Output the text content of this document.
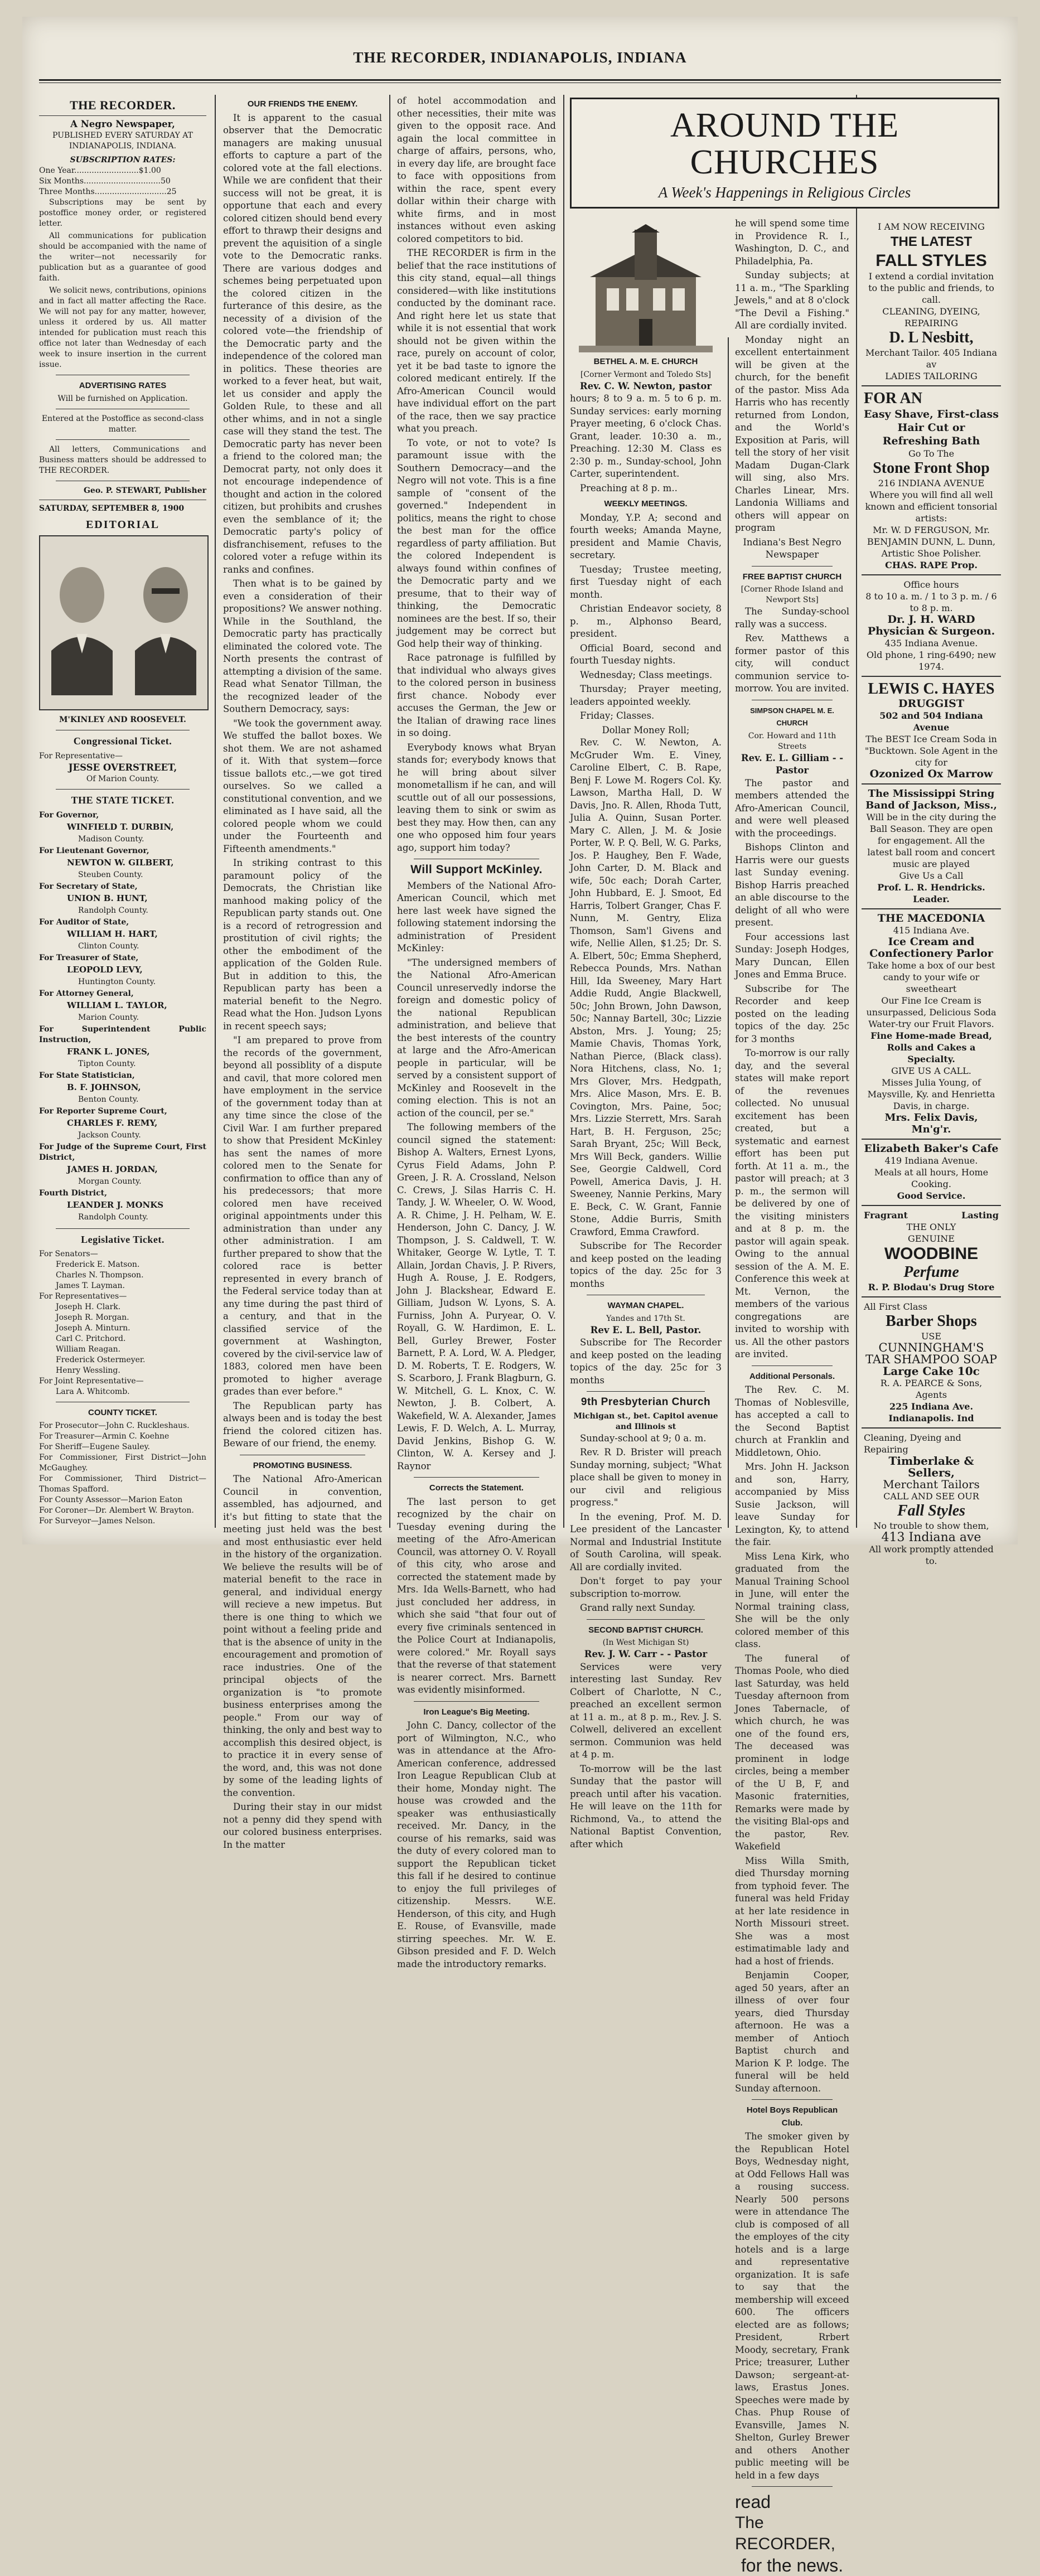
THE RECORDER, INDIANAPOLIS, INDIANA
THE RECORDER.
A Negro Newspaper,
PUBLISHED EVERY SATURDAY AT INDIANAPOLIS, INDIANA.
SUBSCRIPTION RATES:
One Year..........................$1.00
Six Months...............................50
Three Months.............................25

Subscriptions may be sent by postoffice money order, or registered letter.

All communications for publication should be accompanied with the name of the writer—not necessarily for publication but as a guarantee of good faith.

We solicit news, contributions, opinions and in fact all matter affecting the Race. We will not pay for any matter, however, unless it ordered by us. All matter intended for publication must reach this office not later than Wednesday of each week to insure insertion in the current issue.

ADVERTISING RATES
Will be furnished on Application.
Entered at the Postoffice as second-class matter.

All letters, Communications and Business matters should be addressed to THE RECORDER.

Geo. P. STEWART, Publisher
SATURDAY, SEPTEMBER 8, 1900
EDITORIAL
M'KINLEY AND ROOSEVELT.
Congressional Ticket.
For Representative—
JESSE OVERSTREET,
Of Marion County.
THE STATE TICKET.
For Governor,
WINFIELD T. DURBIN,
Madison County.
For Lieutenant Governor,
NEWTON W. GILBERT,
Steuben County.
For Secretary of State,
UNION B. HUNT,
Randolph County.
For Auditor of State,
WILLIAM H. HART,
Clinton County.
For Treasurer of State,
LEOPOLD LEVY,
Huntington County.
For Attorney General,
WILLIAM L. TAYLOR,
Marion County.
For Superintendent Public Instruction,
FRANK L. JONES,
Tipton County.
For State Statistician,
B. F. JOHNSON,
Benton County.
For Reporter Supreme Court,
CHARLES F. REMY,
Jackson County.
For Judge of the Supreme Court, First District,
JAMES H. JORDAN,
Morgan County.
Fourth District,
LEANDER J. MONKS
Randolph County.
Legislative Ticket.
For Senators—
Frederick E. Matson.
Charles N. Thompson.
James T. Layman.
For Representatives—
Joseph H. Clark.
Joseph R. Morgan.
Joseph A. Minturn.
Carl C. Pritchord.
William Reagan.
Frederick Ostermeyer.
Henry Wessling.
For Joint Representative—
Lara A. Whitcomb.
COUNTY TICKET.
For Prosecutor—John C. Ruckleshaus.
For Treasurer—Armin C. Koehne
For Sheriff—Eugene Sauley.
For Commissioner, First District—John McGaughey.
For Commissioner, Third District—Thomas Spafford.
For County Assessor—Marion Eaton
For Coroner—Dr. Alembert W. Brayton.
For Surveyor—James Nelson.
OUR FRIENDS THE ENEMY.

It is apparent to the casual observer that the Democratic managers are making unusual efforts to capture a part of the colored vote at the fall elections. While we are confident that their success will not be great, it is opportune that each and every colored citizen should bend every effort to thrawp their designs and prevent the aquisition of a single vote to the Democratic ranks. There are various dodges and schemes being perpetuated upon the colored citizen in the furterance of this desire, as the necessity of a division of the colored vote—the friendship of the Democratic party and the independence of the colored man in politics. These theories are worked to a fever heat, but wait, let us consider and apply the Golden Rule, to these and all other whims, and in not a single case will they stand the test. The Democratic party has never been a friend to the colored man; the Democrat party, not only does it not encourage independence of thought and action in the colored citizen, but prohibits and crushes even the semblance of it; the Democratic party's policy of disfranchisement, refuses to the colored voter a refuge within its ranks and confines.

Then what is to be gained by even a consideration of their propositions? We answer nothing. While in the Southland, the Democratic party has practically eliminated the colored vote. The North presents the contrast of attempting a division of the same. Read what Senator Tillman, the the recognized leader of the Southern Democracy, says:

"We took the government away. We stuffed the ballot boxes. We shot them. We are not ashamed of it. With that system—force tissue ballots etc.,—we got tired ourselves. So we called a constitutional convention, and we eliminated as I have said, all the colored people whom we could under the Fourteenth and Fifteenth amendments."

In striking contrast to this paramount policy of the Democrats, the Christian like manhood making policy of the Republican party stands out. One is a record of retrogression and prostitution of civil rights; the other the embodiment of the application of the Golden Rule. But in addition to this, the Republican party has been a material benefit to the Negro. Read what the Hon. Judson Lyons in recent speech says;

"I am prepared to prove from the records of the government, beyond all possiblity of a dispute and cavil, that more colored men have employment in the service of the government today than at any time since the close of the Civil War. I am further prepared to show that President McKinley has sent the names of more colored men to the Senate for confirmation to office than any of his predecessors; that more colored men have received original appointments under this administration than under any other administration. I am further prepared to show that the colored race is better represented in every branch of the Federal service today than at any time during the past third of a century, and that in the classified service of the government at Washington, covered by the civil-service law of 1883, colored men have been promoted to higher average grades than ever before."

The Republican party has always been and is today the best friend the colored citizen has. Beware of our friend, the enemy.

PROMOTING BUSINESS.

The National Afro-American Council in convention, assembled, has adjourned, and it's but fitting to state that the meeting just held was the best and most enthusiastic ever held in the history of the organization. We believe the results will be of material benefit to the race in general, and individual energy will recieve a new impetus. But there is one thing to which we point without a feeling pride and that is the absence of unity in the encouragement and promotion of race industries. One of the principal objects of the organization is "to promote business enterprises among the people." From our way of thinking, the only and best way to accomplish this desired object, is to practice it in every sense of the word, and, this was not done by some of the leading lights of the convention.

During their stay in our midst not a penny did they spend with our colored business enterprises. In the matter

of hotel accommodation and other necessities, their mite was given to the opposit race. And again the local committee in charge of affairs, persons, who, in every day life, are brought face to face with oppositions from within the race, spent every dollar within their charge with white firms, and in most instances without even asking colored competitors to bid.

THE RECORDER is firm in the belief that the race institutions of this city stand, equal—all things considered—with like institutions conducted by the dominant race. And right here let us state that while it is not essential that work should not be given within the race, purely on account of color, yet it be bad taste to ignore the colored medicant entirely. If the Afro-American Council would have individual effort on the part of the race, then we say practice what you preach.

To vote, or not to vote? Is paramount issue with the Southern Democracy—and the Negro will not vote. This is a fine sample of "consent of the governed." Independent in politics, means the right to chose the best man for the office regardless of party affiliation. But the colored Independent is always found within confines of the Democratic party and we presume, that to their way of thinking, the Democratic nominees are the best. If so, their judgement may be correct but God help their way of thinking.

Race patronage is fulfilled by that individual who always gives to the colored person in business first chance. Nobody ever accuses the German, the Jew or the Italian of drawing race lines in so doing.

Everybody knows what Bryan stands for; everybody knows that he will bring about silver monometallism if he can, and will scuttle out of all our possessions, leaving them to sink or swim as best they may. How then, can any one who opposed him four years ago, support him today?

Will Support McKinley.

Members of the National Afro-American Council, which met here last week have signed the following statement indorsing the administration of President McKinley:

"The undersigned members of the National Afro-American Council unreservedly indorse the foreign and domestic policy of the national Republican administration, and believe that the best interests of the country at large and the Afro-American people in particular, will be served by a consistent support of McKinley and Roosevelt in the coming election. This is not an action of the council, per se."

The following members of the council signed the statement: Bishop A. Walters, Ernest Lyons, Cyrus Field Adams, John P. Green, J. R. A. Crossland, Nelson C. Crews, J. Silas Harris C. H. Tandy, J. W. Wheeler, O. W. Wood, A. R. Chime, J. H. Pelham, W. E. Henderson, John C. Dancy, J. W. Thompson, J. S. Caldwell, T. W. Whitaker, George W. Lytle, T. T. Allain, Jordan Chavis, J. P. Rivers, Hugh A. Rouse, J. E. Rodgers, John J. Blackshear, Edward E. Gilliam, Judson W. Lyons, S. A. Furniss, John A. Puryear, O. V. Royall, G. W. Hardimon, E. L. Bell, Gurley Brewer, Foster Barnett, P. A. Lord, W. A. Pledger, D. M. Roberts, T. E. Rodgers, W. S. Scarboro, J. Frank Blagburn, G. W. Mitchell, G. L. Knox, C. W. Newton, J. B. Colbert, A. Wakefield, W. A. Alexander, James Lewis, F. D. Welch, A. L. Murray, David Jenkins, Bishop G. W. Clinton, W. A. Kersey and J. Raynor

Corrects the Statement.

The last person to get recognized by the chair on Tuesday evening during the meeting of the Afro-American Council, was attorney O. V. Royall of this city, who arose and corrected the statement made by Mrs. Ida Wells-Barnett, who had just concluded her address, in which she said "that four out of every five criminals sentenced in the Police Court at Indianapolis, were colored." Mr. Royall says that the reverse of that statement is nearer correct. Mrs. Barnett was evidently misinformed.

Iron League's Big Meeting.

John C. Dancy, collector of the port of Wilmington, N.C., who was in attendance at the Afro-American conference, addressed Iron League Republican Club at their home, Monday night. The house was crowded and the speaker was enthusiastically received. Mr. Dancy, in the course of his remarks, said was the duty of every colored man to support the Republican ticket this fall if he desired to continue to enjoy the full privileges of citizenship. Messrs. W.E. Henderson, of this city, and Hugh E. Rouse, of Evansville, made stirring speeches. Mr. W. E. Gibson presided and F. D. Welch made the introductory remarks.

AROUND THE CHURCHES
A Week's Happenings in Religious Circles
BETHEL A. M. E. CHURCH
[Corner Vermont and Toledo Sts]
Rev. C. W. Newton, pastor

hours; 8 to 9 a. m. 5 to 6 p. m. Sunday services: early morning Prayer meeting, 6 o'clock Chas. Grant, leader. 10:30 a. m., Preaching. 12:30 M. Class es 2:30 p. m., Sunday-school, John Carter, superintendent.

Preaching at 8 p. m..

WEEKLY MEETINGS.

Monday, Y.P. A; second and fourth weeks; Amanda Mayne, president and Mamie Chavis, secretary.

Tuesday; Trustee meeting, first Tuesday night of each month.

Christian Endeavor society, 8 p. m., Alphonso Beard, president.

Official Board, second and fourth Tuesday nights.

Wednesday; Class meetings.

Thursday; Prayer meeting, leaders appointed weekly.

Friday; Classes.

Dollar Money Roll;

Rev. C. W. Newton, A. McGruder Wm. E. Viney, Caroline Elbert, C. B. Rape, Benj F. Lowe M. Rogers Col. Ky. Lawson, Martha Hall, D. W Davis, Jno. R. Allen, Rhoda Tutt, Julia A. Quinn, Susan Porter. Mary C. Allen, J. M. & Josie Porter, W. P. Q. Bell, W. G. Parks, Jos. P. Haughey, Ben F. Wade, John Carter, D. M. Black and wife, 50c each; Dorah Carter, John Hubbard, E. J. Smoot, Ed Harris, Tolbert Granger, Chas F. Nunn, M. Gentry, Eliza Thomson, Sam'l Givens and wife, Nellie Allen, $1.25; Dr. S. A. Elbert, 50c; Emma Shepherd, Rebecca Pounds, Mrs. Nathan Hill, Ida Sweeney, Mary Hart Addie Rudd, Angie Blackwell, 50c; John Brown, John Dawson, 50c; Nannay Bartell, 30c; Lizzie Abston, Mrs. J. Young; 25; Mamie Chavis, Thomas York, Nathan Pierce, (Black class). Nora Hitchens, class, No. 1; Mrs Glover, Mrs. Hedgpath, Mrs. Alice Mason, Mrs. E. B. Covington, Mrs. Paine, 5oc; Mrs. Lizzie Sterrett, Mrs. Sarah Hart, B. H. Ferguson, 25c; Sarah Bryant, 25c; Will Beck, Mrs Will Beck, ganders. Willie See, Georgie Caldwell, Cord Powell, America Davis, J. H. Sweeney, Nannie Perkins, Mary E. Beck, C. W. Grant, Fannie Stone, Addie Burris, Smith Crawford, Emma Crawford.

Subscribe for The Recorder and keep posted on the leading topics of the day. 25c for 3 months

WAYMAN CHAPEL.
Yandes and 17th St.
Rev E. L. Bell, Pastor.

Subscribe for The Recorder and keep posted on the leading topics of the day. 25c for 3 months

9th Presbyterian Church
Michigan st., bet. Capitol avenue and Illinois st

Sunday-school at 9; 0 a. m.

Rev. R D. Brister will preach Sunday morning, subject; "What place shall be given to money in our civil and religious progress."

In the evening, Prof. M. D. Lee president of the Lancaster Normal and Industrial Institute of South Carolina, will speak. All are cordially invited.

Don't forget to pay your subscription to-morrow.

Grand rally next Sunday.

SECOND BAPTIST CHURCH.
(In West Michigan St)
Rev. J. W. Carr - - Pastor

Services were very interesting last Sunday. Rev Colbert of Charlotte, N C., preached an excellent sermon at 11 a. m., at 8 p. m., Rev. J. S. Colwell, delivered an excellent sermon. Communion was held at 4 p. m.

To-morrow will be the last Sunday that the pastor will preach until after his vacation. He will leave on the 11th for Richmond, Va., to attend the National Baptist Convention, after which

he will spend some time in Providence R. I., Washington, D. C., and Philadelphia, Pa.

Sunday subjects; at 11 a. m., "The Sparkling Jewels," and at 8 o'clock "The Devil a Fishing." All are cordially invited.

Monday night an excellent entertainment will be given at the church, for the benefit of the pastor. Miss Ada Harris who has recently returned from London, and the World's Exposition at Paris, will tell the story of her visit Madam Dugan-Clark will sing, also Mrs. Charles Linear, Mrs. Landonia Williams and others will appear on program

Indiana's Best Negro Newspaper

FREE BAPTIST CHURCH
[Corner Rhode Island and Newport Sts]

The Sunday-school rally was a success.

Rev. Matthews a former pastor of this city, will conduct communion service to-morrow. You are invited.

SIMPSON CHAPEL M. E. CHURCH
Cor. Howard and 11th Streets
Rev. E. L. Gilliam - - Pastor

The pastor and members attended the Afro-American Council, and were well pleased with the proceedings.

Bishops Clinton and Harris were our guests last Sunday evening. Bishop Harris preached an able discourse to the delight of all who were present.

Four accessions last Sunday: Joseph Hodges, Mary Duncan, Ellen Jones and Emma Bruce.

Subscribe for The Recorder and keep posted on the leading topics of the day. 25c for 3 months

To-morrow is our rally day, and the several states will make report of the revenues collected. No unusual excitement has been created, but a systematic and earnest effort has been put forth. At 11 a. m., the pastor will preach; at 3 p. m., the sermon will be delivered by one of the visiting ministers and at 8 p. m. the pastor will again speak. Owing to the annual session of the A. M. E. Conference this week at Mt. Vernon, the members of the various congregations are invited to worship with us. All the other pastors are invited.

Additional Personals.

The Rev. C. M. Thomas of Noblesville, has accepted a call to the Second Baptist church at Franklin and Middletown, Ohio.

Mrs. John H. Jackson and son, Harry, accompanied by Miss Susie Jackson, will leave Sunday for Lexington, Ky, to attend the fair.

Miss Lena Kirk, who graduated from the Manual Training School in June, will enter the Normal training class, She will be the only colored member of this class.

The funeral of Thomas Poole, who died last Saturday, was held Tuesday afternoon from Jones Tabernacle, of which church, he was one of the found ers, The deceased was prominent in lodge circles, being a member of the U B, F, and Masonic fraternities, Remarks were made by the visiting Blal-ops and the pastor, Rev. Wakefield

Miss Willa Smith, died Thursday morning from typhoid fever. The funeral was held Friday at her late residence in North Missouri street. She was a most estimatimable lady and had a host of friends.

Benjamin Cooper, aged 50 years, after an illness of over four years, died Thursday afternoon. He was a member of Antioch Baptist church and Marion K P. lodge. The funeral will be held Sunday afternoon.

Hotel Boys Republican Club.

The smoker given by the Republican Hotel Boys, Wednesday night, at Odd Fellows Hall was a rousing success. Nearly 500 persons were in attendance The club is composed of all the employes of the city hotels and is a large and representative organization. It is safe to say that the membership will exceed 600. The officers elected are as follows; President, Rrbert Moody, secretary, Frank Price; treasurer, Luther Dawson; sergeant-at-laws, Erastus Jones. Speeches were made by Chas. Phup Rouse of Evansville, James N. Shelton, Gurley Brewer and others Another public meeting will be held in a few days

read
The RECORDER,
for the news.
I AM NOW RECEIVING
THE LATEST
FALL STYLES
I extend a cordial invitation to the public and friends, to call.
CLEANING, DYEING, REPAIRING
D. L Nesbitt,
Merchant Tailor. 405 Indiana av
LADIES TAILORING
FOR AN
Easy Shave, First-class Hair Cut or Refreshing Bath
Go To The
Stone Front Shop
216 INDIANA AVENUE
Where you will find all well known and efficient tonsorial artists:
Mr. W. D FERGUSON, Mr. BENJAMIN DUNN, L. Dunn, Artistic Shoe Polisher.
CHAS. RAPE Prop.
Office hours
8 to 10 a. m. / 1 to 3 p. m. / 6 to 8 p. m.
Dr. J. H. WARD
Physician & Surgeon.
435 Indiana Avenue.
Old phone, 1 ring-6490; new 1974.
LEWIS C. HAYES
DRUGGIST
502 and 504 Indiana Avenue
The BEST Ice Cream Soda in "Bucktown. Sole Agent in the city for
Ozonized Ox Marrow
The Mississippi String Band of Jackson, Miss.,
Will be in the city during the Ball Season. They are open for engagement. All the latest ball room and concert music are played
Give Us a Call
Prof. L. R. Hendricks. Leader.
THE MACEDONIA
415 Indiana Ave.
Ice Cream and Confectionery Parlor
Take home a box of our best candy to your wife or sweetheart
Our Fine Ice Cream is unsurpassed, Delicious Soda Water-try our Fruit Flavors.
Fine Home-made Bread, Rolls and Cakes a Specialty.
GIVE US A CALL.
Misses Julia Young, of Maysville, Ky. and Henrietta Davis, in charge.
Mrs. Felix Davis, Mn'g'r.
Elizabeth Baker's Cafe
419 Indiana Avenue.
Meals at all hours, Home Cooking.
Good Service.
Fragrant	Lasting
THE ONLY
GENUINE
WOODBINE
Perfume
R. P. Blodau's Drug Store
All First Class
Barber Shops
USE
CUNNINGHAM'S
TAR SHAMPOO SOAP
Large Cake 10c
R. A. PEARCE & Sons, Agents
225 Indiana Ave. Indianapolis. Ind
Cleaning, Dyeing and Repairing
Timberlake & Sellers,
Merchant Tailors
CALL AND SEE OUR
Fall Styles
No trouble to show them,
413 Indiana ave
All work promptly attended to.
